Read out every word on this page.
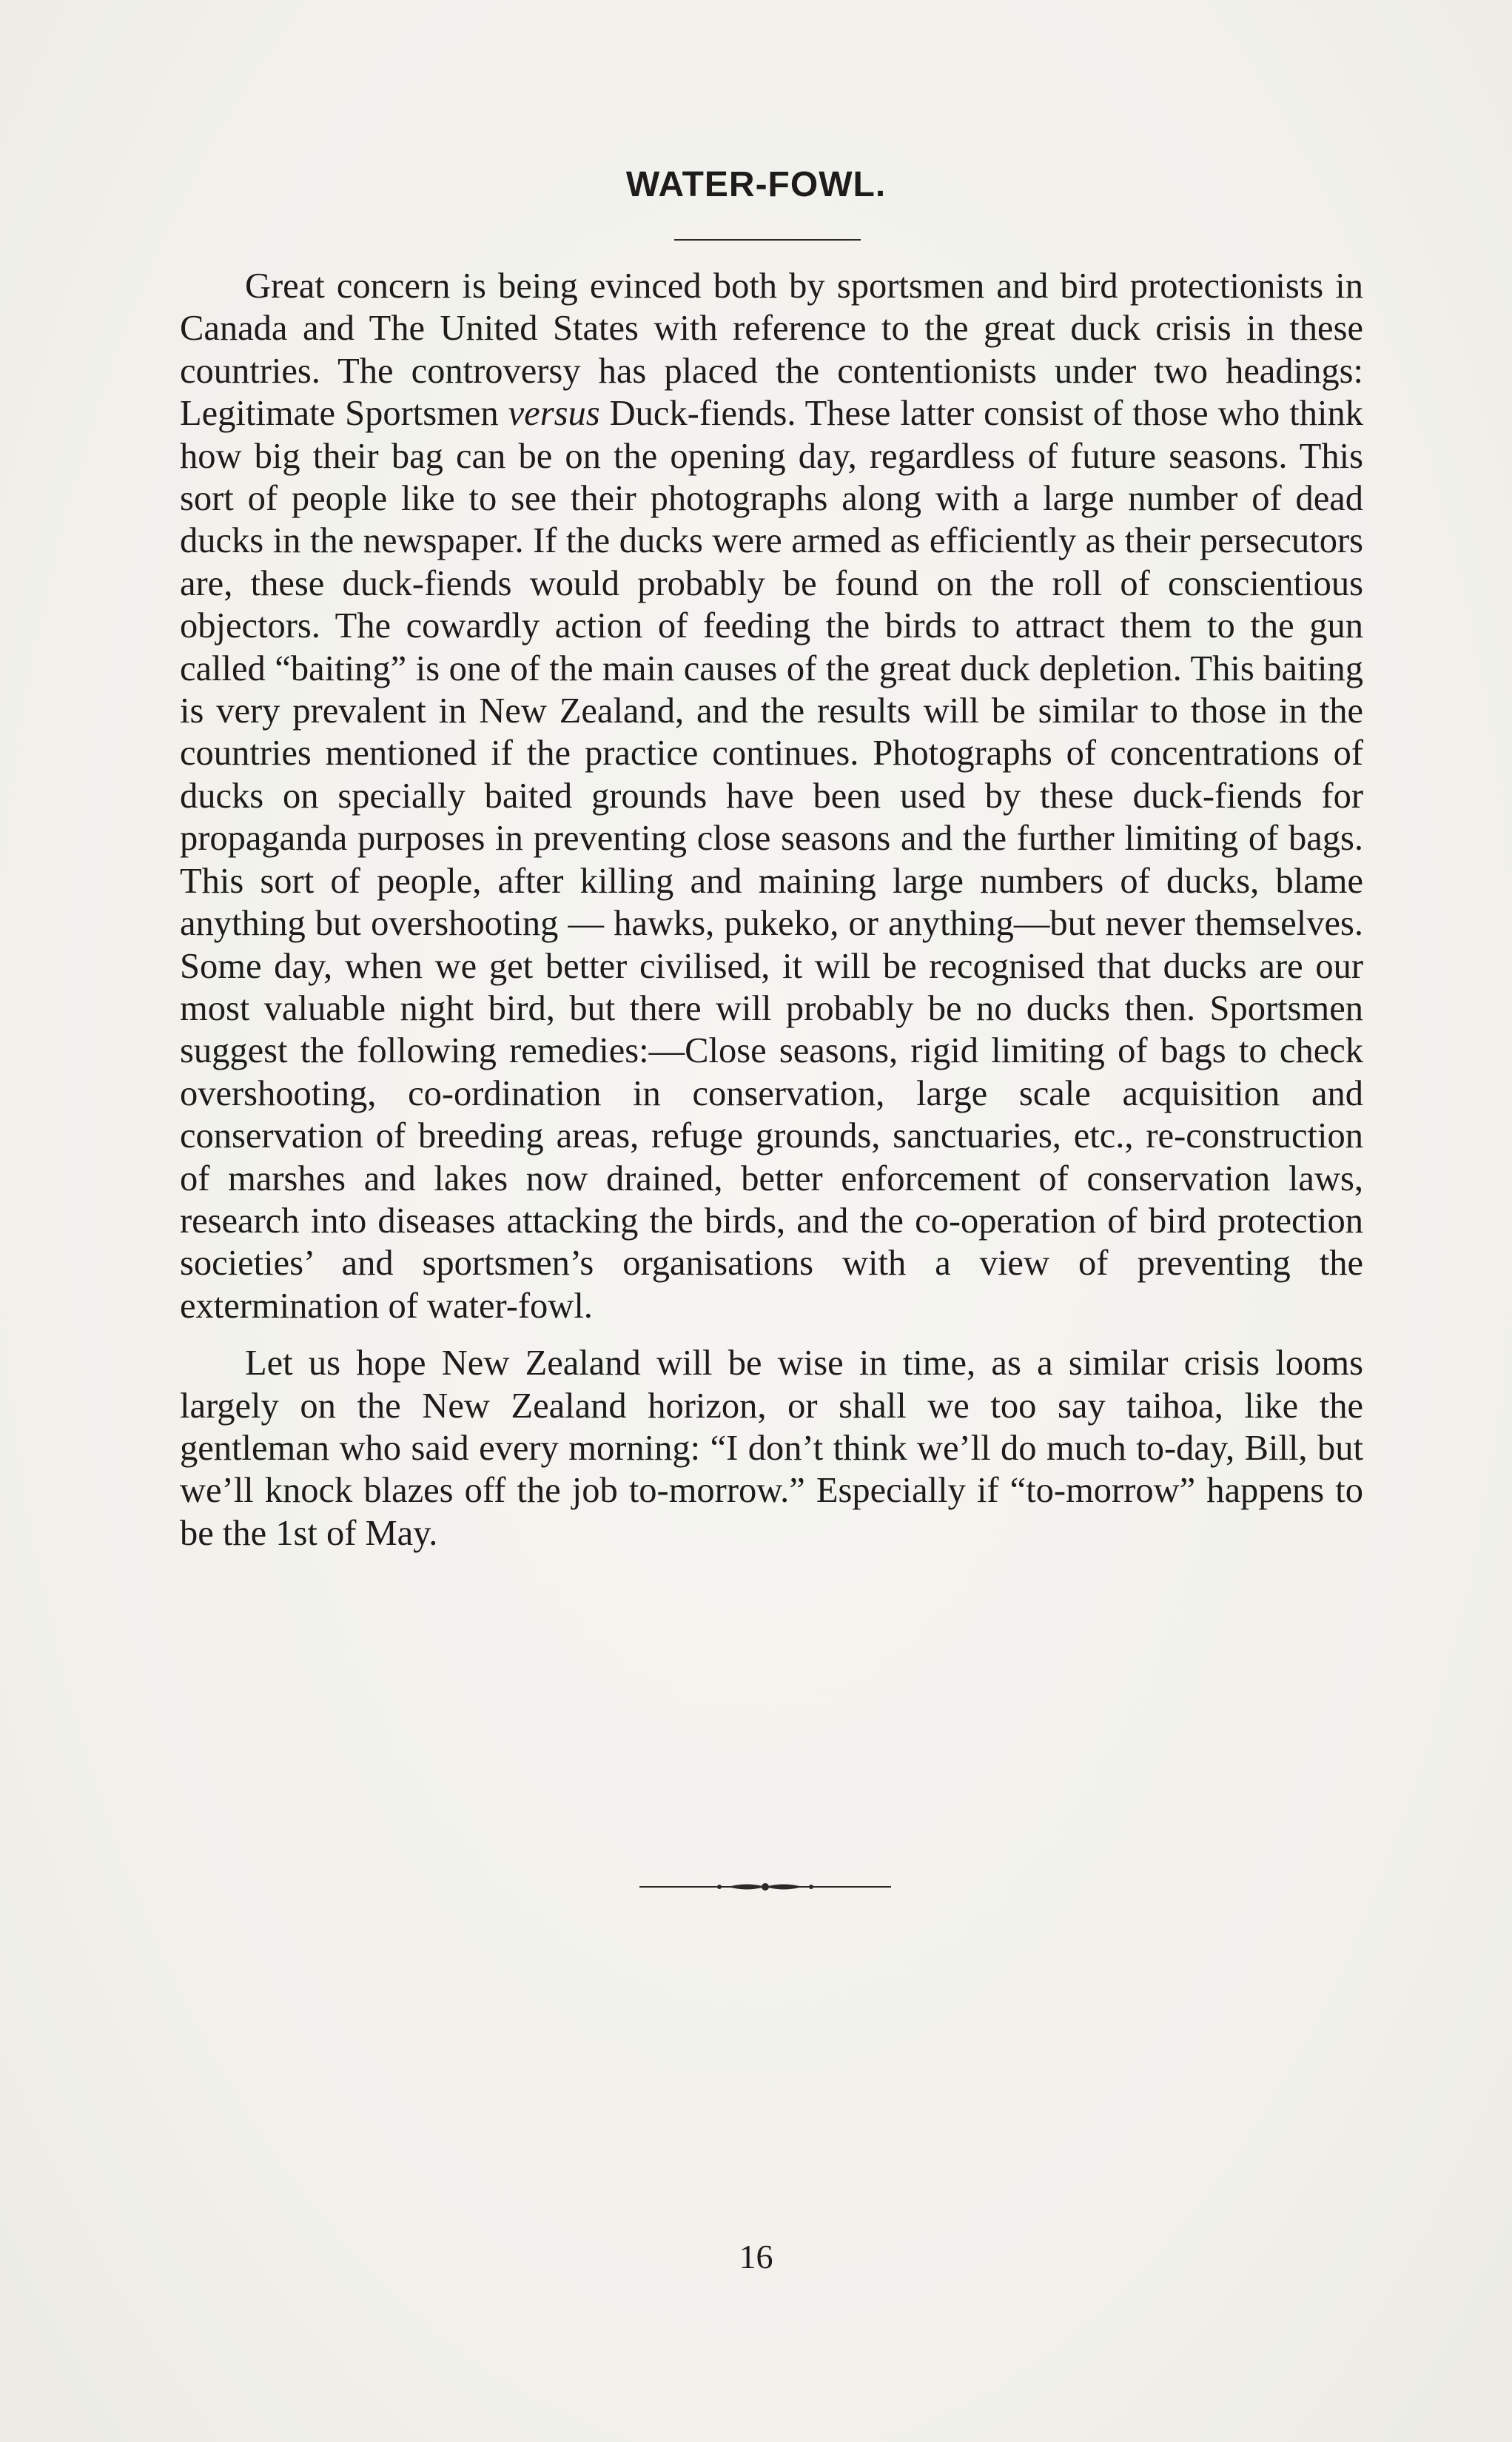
WATER-FOWL.

Great concern is being evinced both by sportsmen and bird protectionists in Canada and The United States with reference to the great duck crisis in these countries. The controversy has placed the contentionists under two headings: Legitimate Sportsmen versus Duck-fiends. These latter consist of those who think how big their bag can be on the opening day, regardless of future seasons. This sort of people like to see their photographs along with a large number of dead ducks in the newspaper. If the ducks were armed as efficiently as their persecutors are, these duck-fiends would probably be found on the roll of conscientious objectors. The cowardly action of feeding the birds to attract them to the gun called “baiting” is one of the main causes of the great duck depletion. This baiting is very prevalent in New Zealand, and the results will be similar to those in the countries mentioned if the practice continues. Photographs of concentrations of ducks on specially baited grounds have been used by these duck-fiends for propaganda purposes in preventing close seasons and the further limiting of bags. This sort of people, after killing and maining large numbers of ducks, blame anything but overshooting — hawks, pukeko, or anything—but never themselves. Some day, when we get better civilised, it will be recognised that ducks are our most valuable night bird, but there will probably be no ducks then. Sportsmen suggest the following remedies:—Close seasons, rigid limiting of bags to check overshooting, co-ordination in conservation, large scale acquisition and conservation of breeding areas, refuge grounds, sanctuaries, etc., re-construction of marshes and lakes now drained, better enforcement of conservation laws, research into diseases attacking the birds, and the co-operation of bird protection societies’ and sportsmen’s organisations with a view of preventing the extermination of water-fowl.

Let us hope New Zealand will be wise in time, as a similar crisis looms largely on the New Zealand horizon, or shall we too say taihoa, like the gentleman who said every morning: “I don’t think we’ll do much to-day, Bill, but we’ll knock blazes off the job to-morrow.” Especially if “to-morrow” happens to be the 1st of May.

16
